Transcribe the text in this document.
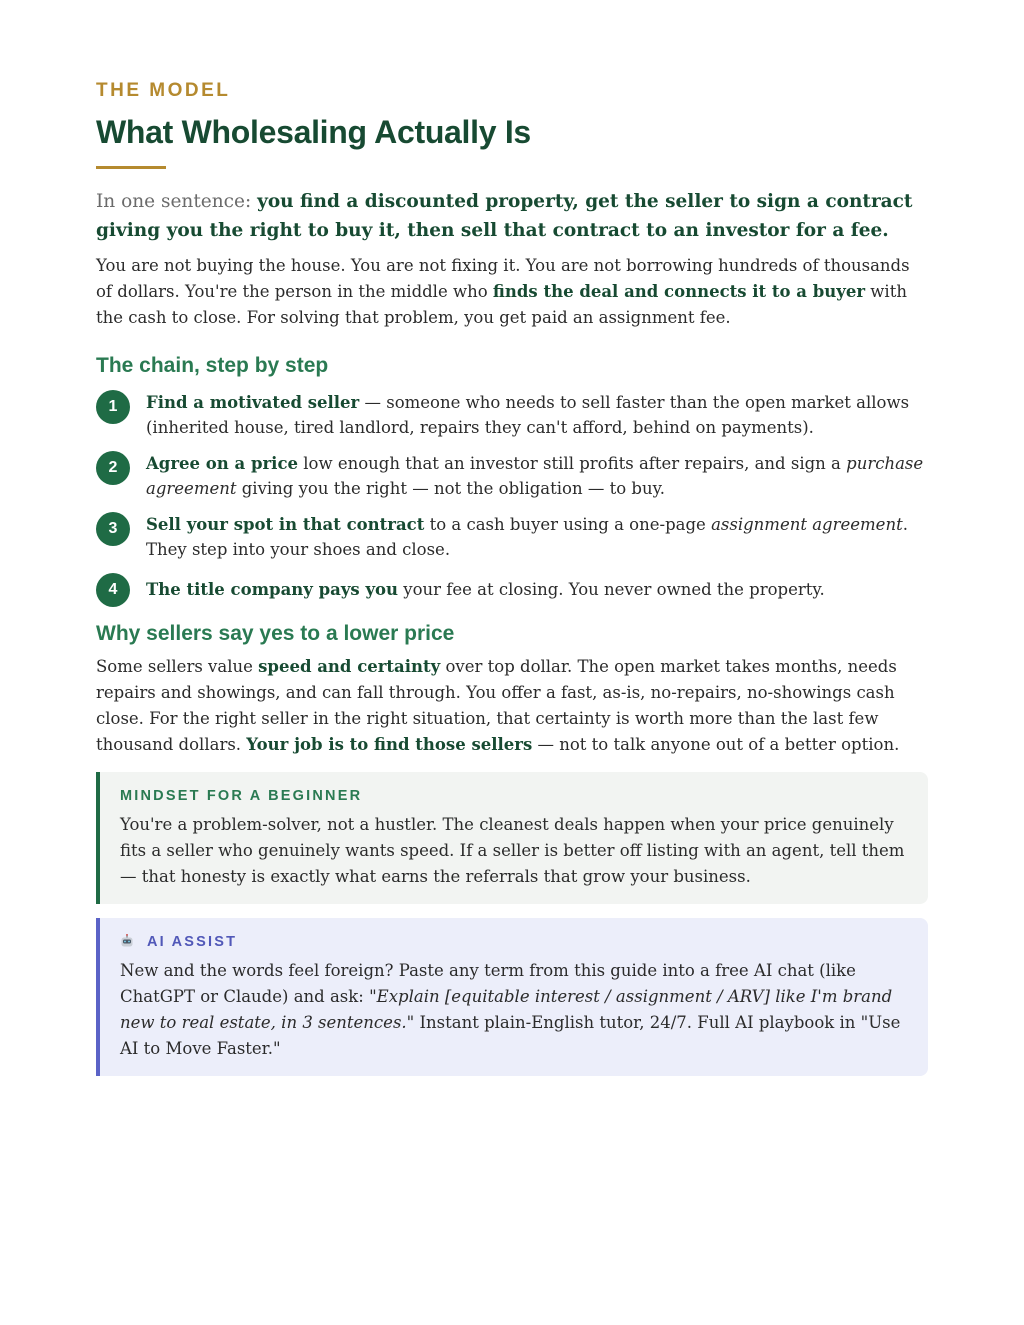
THE MODEL
What Wholesaling Actually Is

In one sentence: you find a discounted property, get the seller to sign a contract giving you the right to buy it, then sell that contract to an investor for a fee.

You are not buying the house. You are not fixing it. You are not borrowing hundreds of thousands of dollars. You're the person in the middle who finds the deal and connects it to a buyer with the cash to close. For solving that problem, you get paid an assignment fee.

The chain, step by step
1	Find a motivated seller — someone who needs to sell faster than the open market allows (inherited house, tired landlord, repairs they can't afford, behind on payments).
2	Agree on a price low enough that an investor still profits after repairs, and sign a purchase agreement giving you the right — not the obligation — to buy.
3	Sell your spot in that contract to a cash buyer using a one-page assignment agreement. They step into your shoes and close.
4	The title company pays you your fee at closing. You never owned the property.
Why sellers say yes to a lower price

Some sellers value speed and certainty over top dollar. The open market takes months, needs repairs and showings, and can fall through. You offer a fast, as-is, no-repairs, no-showings cash close. For the right seller in the right situation, that certainty is worth more than the last few thousand dollars. Your job is to find those sellers — not to talk anyone out of a better option.

MINDSET FOR A BEGINNER
You're a problem-solver, not a hustler. The cleanest deals happen when your price genuinely fits a seller who genuinely wants speed. If a seller is better off listing with an agent, tell them — that honesty is exactly what earns the referrals that grow your business.
AI ASSIST
New and the words feel foreign? Paste any term from this guide into a free AI chat (like ChatGPT or Claude) and ask: "Explain [equitable interest / assignment / ARV] like I'm brand new to real estate, in 3 sentences." Instant plain-English tutor, 24/7. Full AI playbook in "Use AI to Move Faster."
